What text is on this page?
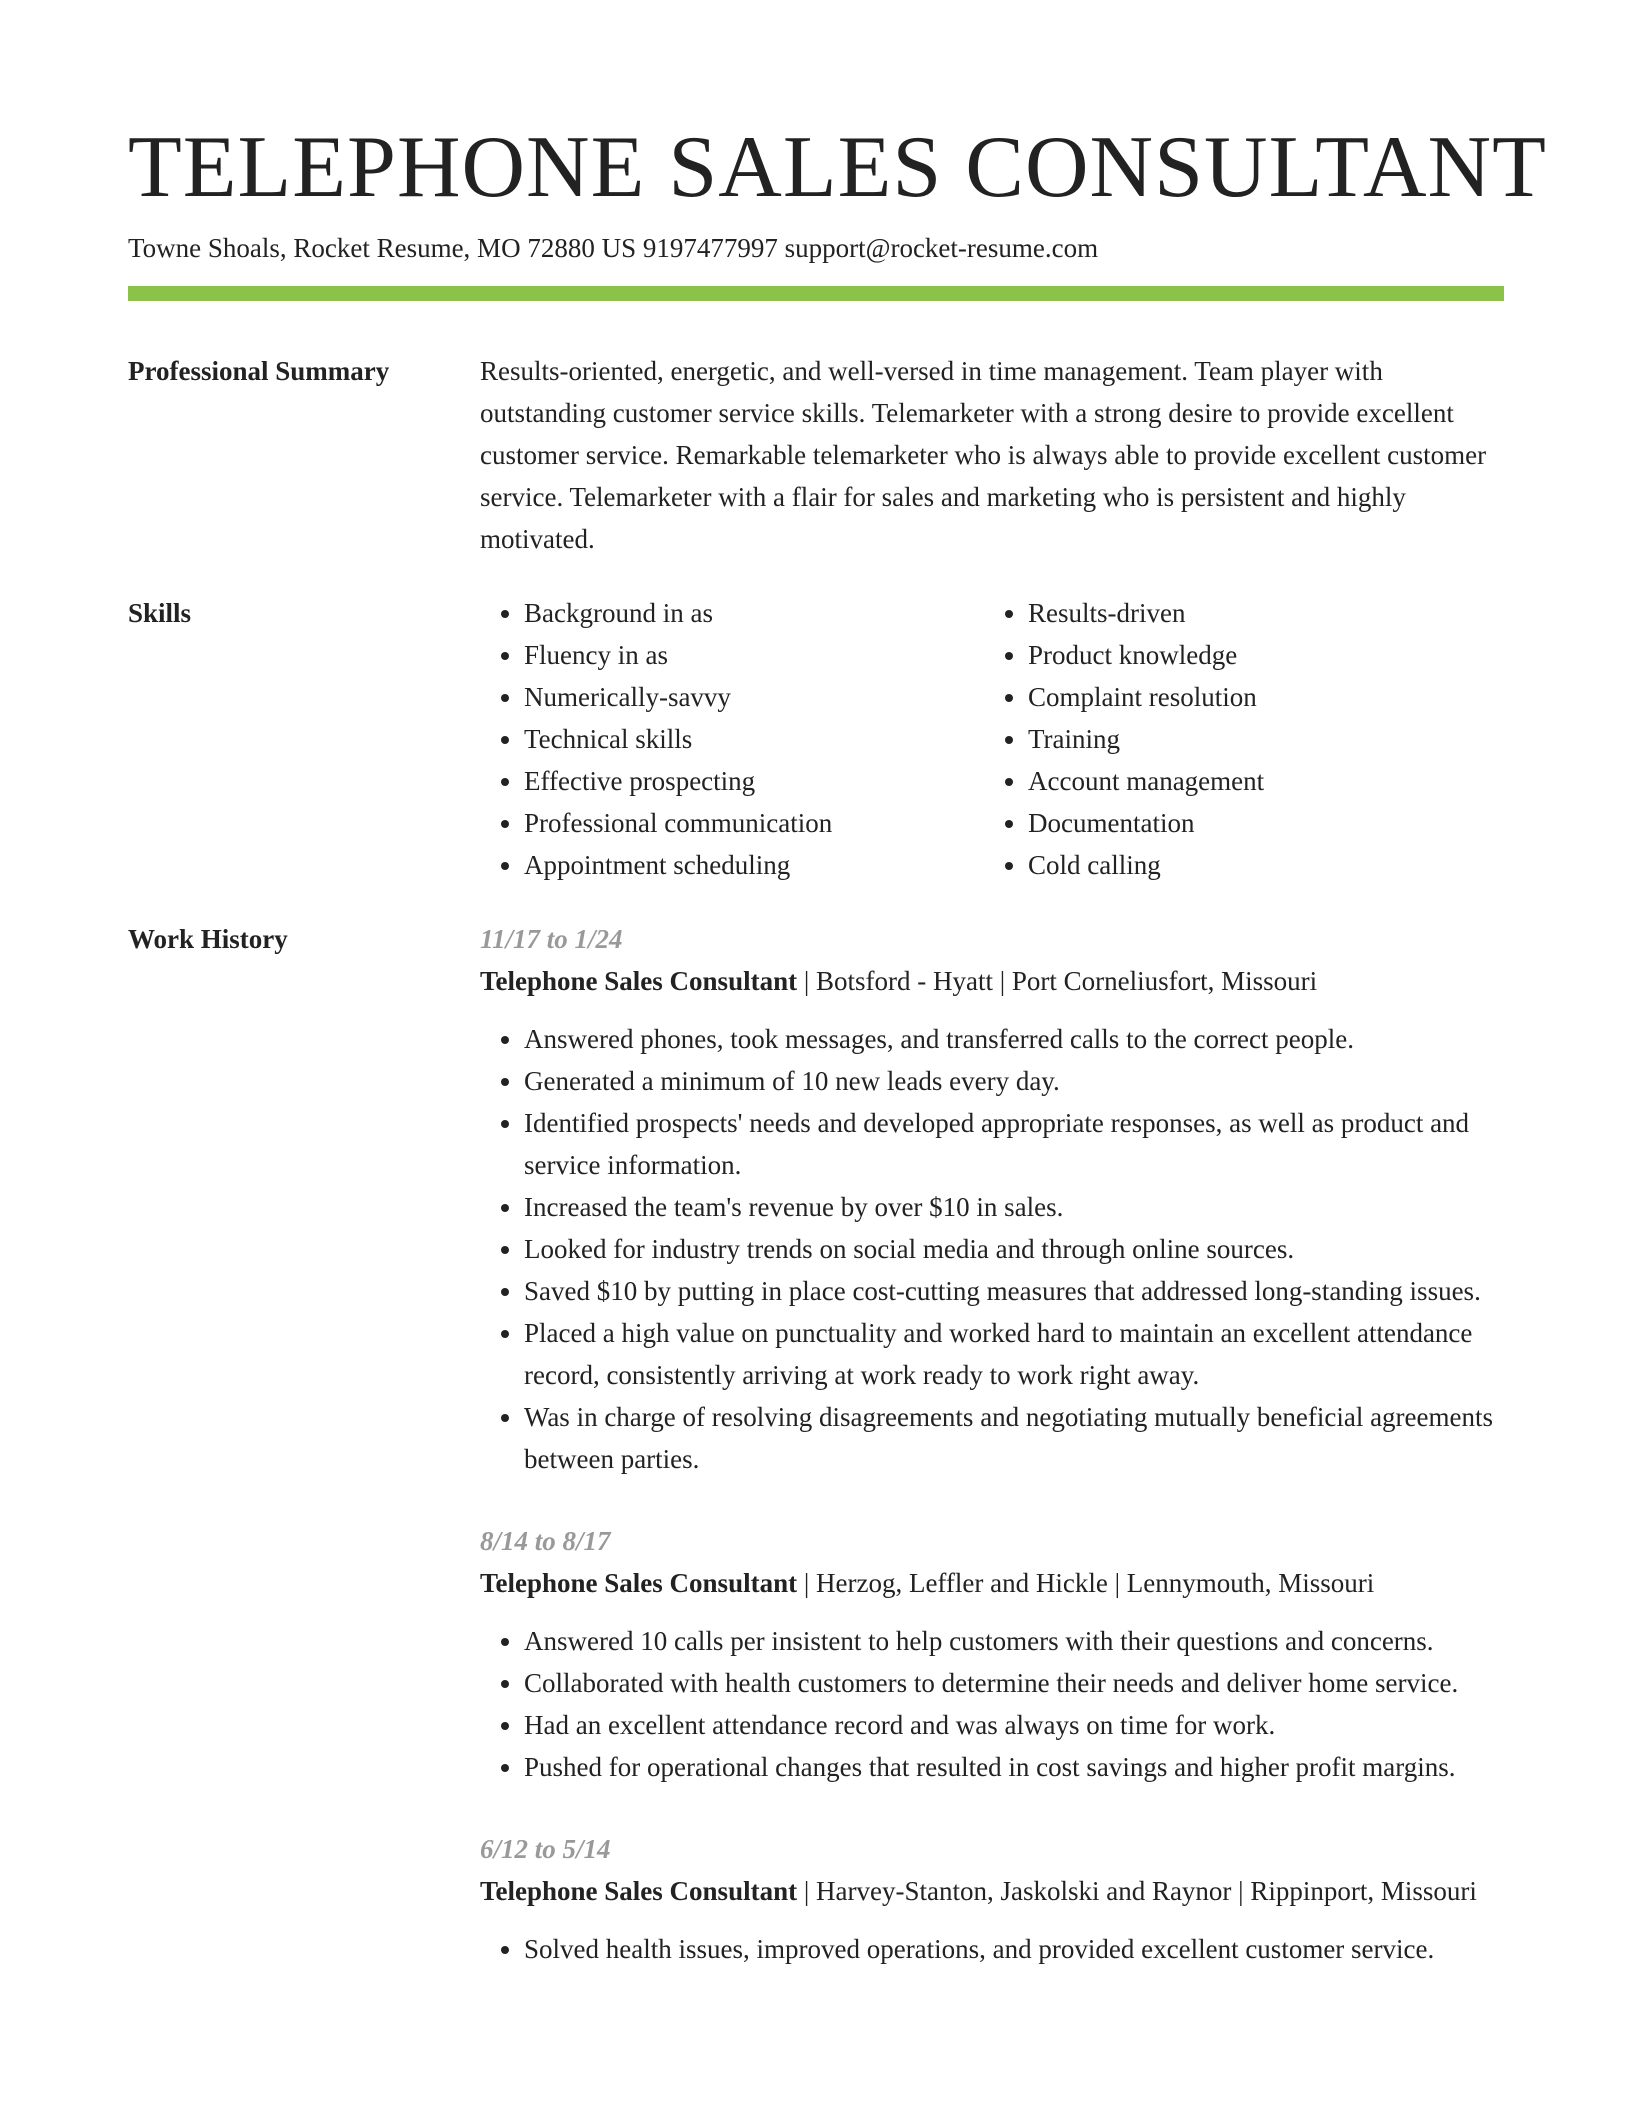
TELEPHONE SALES CONSULTANT
Towne Shoals, Rocket Resume, MO 72880 US 9197477997 support@rocket-resume.com
Professional Summary	Results-oriented, energetic, and well-versed in time management. Team player with outstanding customer service skills. Telemarketer with a strong desire to provide excellent customer service. Remarkable telemarketer who is always able to provide excellent customer service. Telemarketer with a flair for sales and marketing who is persistent and highly motivated.

Skills
•	Background in as
• Fluency in as
• Numerically-savvy
• Technical skills
• Effective prospecting
• Professional communication
• Appointment scheduling
• Results-driven
• Product knowledge
• Complaint resolution
• Training
• Account management
• Documentation
• Cold calling
Work History	11/17 to 1/24
Telephone Sales Consultant | Botsford - Hyatt | Port Corneliusfort, Missouri
• Answered phones, took messages, and transferred calls to the correct people.
• Generated a minimum of 10 new leads every day.
• Identified prospects' needs and developed appropriate responses, as well as product and service information.
• Increased the team's revenue by over $10 in sales.
• Looked for industry trends on social media and through online sources.
• Saved $10 by putting in place cost-cutting measures that addressed long-standing issues.
• Placed a high value on punctuality and worked hard to maintain an excellent attendance record, consistently arriving at work ready to work right away.
• Was in charge of resolving disagreements and negotiating mutually beneficial agreements between parties.
8/14 to 8/17
Telephone Sales Consultant | Herzog, Leffler and Hickle | Lennymouth, Missouri
• Answered 10 calls per insistent to help customers with their questions and concerns.
• Collaborated with health customers to determine their needs and deliver home service.
• Had an excellent attendance record and was always on time for work.
• Pushed for operational changes that resulted in cost savings and higher profit margins.
6/12 to 5/14
Telephone Sales Consultant | Harvey-Stanton, Jaskolski and Raynor | Rippinport, Missouri
• Solved health issues, improved operations, and provided excellent customer service.
